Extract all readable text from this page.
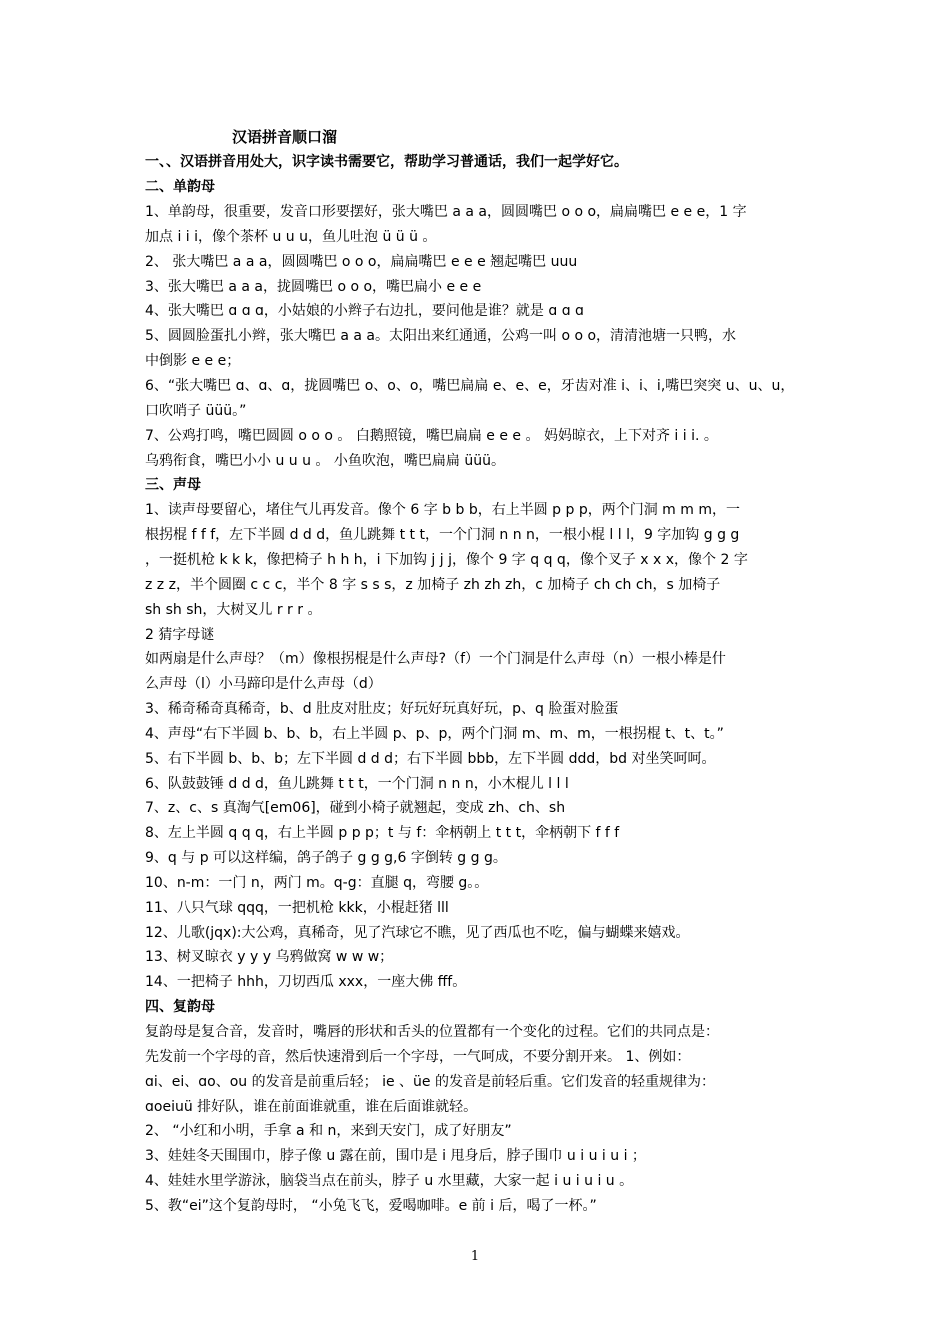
汉语拼音顺口溜
一、、汉语拼音用处大，识字读书需要它，帮助学习普通话，我们一起学好它。
二、单韵母
1、单韵母，很重要，发音口形要摆好，张大嘴巴 a a a，圆圆嘴巴 o o o，扁扁嘴巴 e e e，1 字
加点 i i i，像个茶杯 u u u，鱼儿吐泡 ü ü ü 。
2、 张大嘴巴 a a a，圆圆嘴巴 o o o，扁扁嘴巴 e e e 翘起嘴巴 uuu
3、张大嘴巴 a a a，拢圆嘴巴 o o o，嘴巴扁小 e e e
4、张大嘴巴 ɑ ɑ ɑ，小姑娘的小辫子右边扎，要问他是谁？就是 ɑ ɑ ɑ
5、圆圆脸蛋扎小辫，张大嘴巴 a a a。太阳出来红通通，公鸡一叫 o o o，清清池塘一只鸭，水
中倒影 e e e；
6、“张大嘴巴 ɑ、ɑ、ɑ，拢圆嘴巴 o、o、o，嘴巴扁扁 e、e、e，牙齿对准 i、i、i,嘴巴突突 u、u、u，
口吹哨子 üüü。”
7、公鸡打鸣，嘴巴圆圆 o o o 。 白鹅照镜，嘴巴扁扁 e e e 。 妈妈晾衣，上下对齐 i i i. 。
乌鸦衔食，嘴巴小小 u u u 。 小鱼吹泡，嘴巴扁扁 üüü。
三、声母
1、读声母要留心，堵住气儿再发音。像个 6 字 b b b，右上半圆 p p p，两个门洞 m m m，一
根拐棍 f f f，左下半圆 d d d，鱼儿跳舞 t t t，一个门洞 n n n，一根小棍 l l l，9 字加钩 g g g
，一挺机枪 k k k，像把椅子 h h h，i 下加钩 j j j，像个 9 字 q q q，像个叉子 x x x，像个 2 字
z z z，半个圆圈 c c c，半个 8 字 s s s，z 加椅子 zh zh zh，c 加椅子 ch ch ch，s 加椅子
sh sh sh，大树叉儿 r r r 。
2 猜字母谜
如两扇是什么声母？（m）像根拐棍是什么声母?（f）一个门洞是什么声母（n）一根小棒是什
么声母（l）小马蹄印是什么声母（d）
3、稀奇稀奇真稀奇，b、d 肚皮对肚皮；好玩好玩真好玩，p、q 脸蛋对脸蛋
4、声母“右下半圆 b、b、b，右上半圆 p、p、p，两个门洞 m、m、m，一根拐棍 t、t、t。”
5、右下半圆 b、b、b；左下半圆 d d d；右下半圆 bbb，左下半圆 ddd，bd 对坐笑呵呵。
6、队鼓鼓锤 d d d，鱼儿跳舞 t t t，一个门洞 n n n，小木棍儿 l l l
7、z、c、s 真淘气[em06]，碰到小椅子就翘起，变成 zh、ch、sh
8、左上半圆 q q q，右上半圆 p p p；t 与 f：伞柄朝上 t t t，伞柄朝下 f f f
9、q 与 p 可以这样编，鸽子鸽子 g g g,6 字倒转 g g g。
10、n-m：一门 n，两门 m。q-g：直腿 q，弯腰 g。。
11、八只气球 qqq，一把机枪 kkk，小棍赶猪 lll
12、儿歌(jqx):大公鸡，真稀奇，见了汽球它不瞧，见了西瓜也不吃，偏与蝴蝶来嬉戏。
13、树叉晾衣 y y y 乌鸦做窝 w w w；
14、一把椅子 hhh，刀切西瓜 xxx，一座大佛 fff。
四、复韵母
复韵母是复合音，发音时，嘴唇的形状和舌头的位置都有一个变化的过程。它们的共同点是：
先发前一个字母的音，然后快速滑到后一个字母，一气呵成，不要分割开来。 1、例如：
ɑi、ei、ɑo、ou 的发音是前重后轻； ie 、üe 的发音是前轻后重。它们发音的轻重规律为：
ɑoeiuü 排好队，谁在前面谁就重，谁在后面谁就轻。
2、 “小红和小明，手拿 a 和 n，来到天安门，成了好朋友”
3、娃娃冬天围围巾，脖子像 u 露在前，围巾是 i 甩身后，脖子围巾 u i u i u i ；
4、娃娃水里学游泳，脑袋当点在前头，脖子 u 水里藏，大家一起 i u i u i u 。
5、教“ei”这个复韵母时， “小兔飞飞，爱喝咖啡。e 前 i 后，喝了一杯。”
1
